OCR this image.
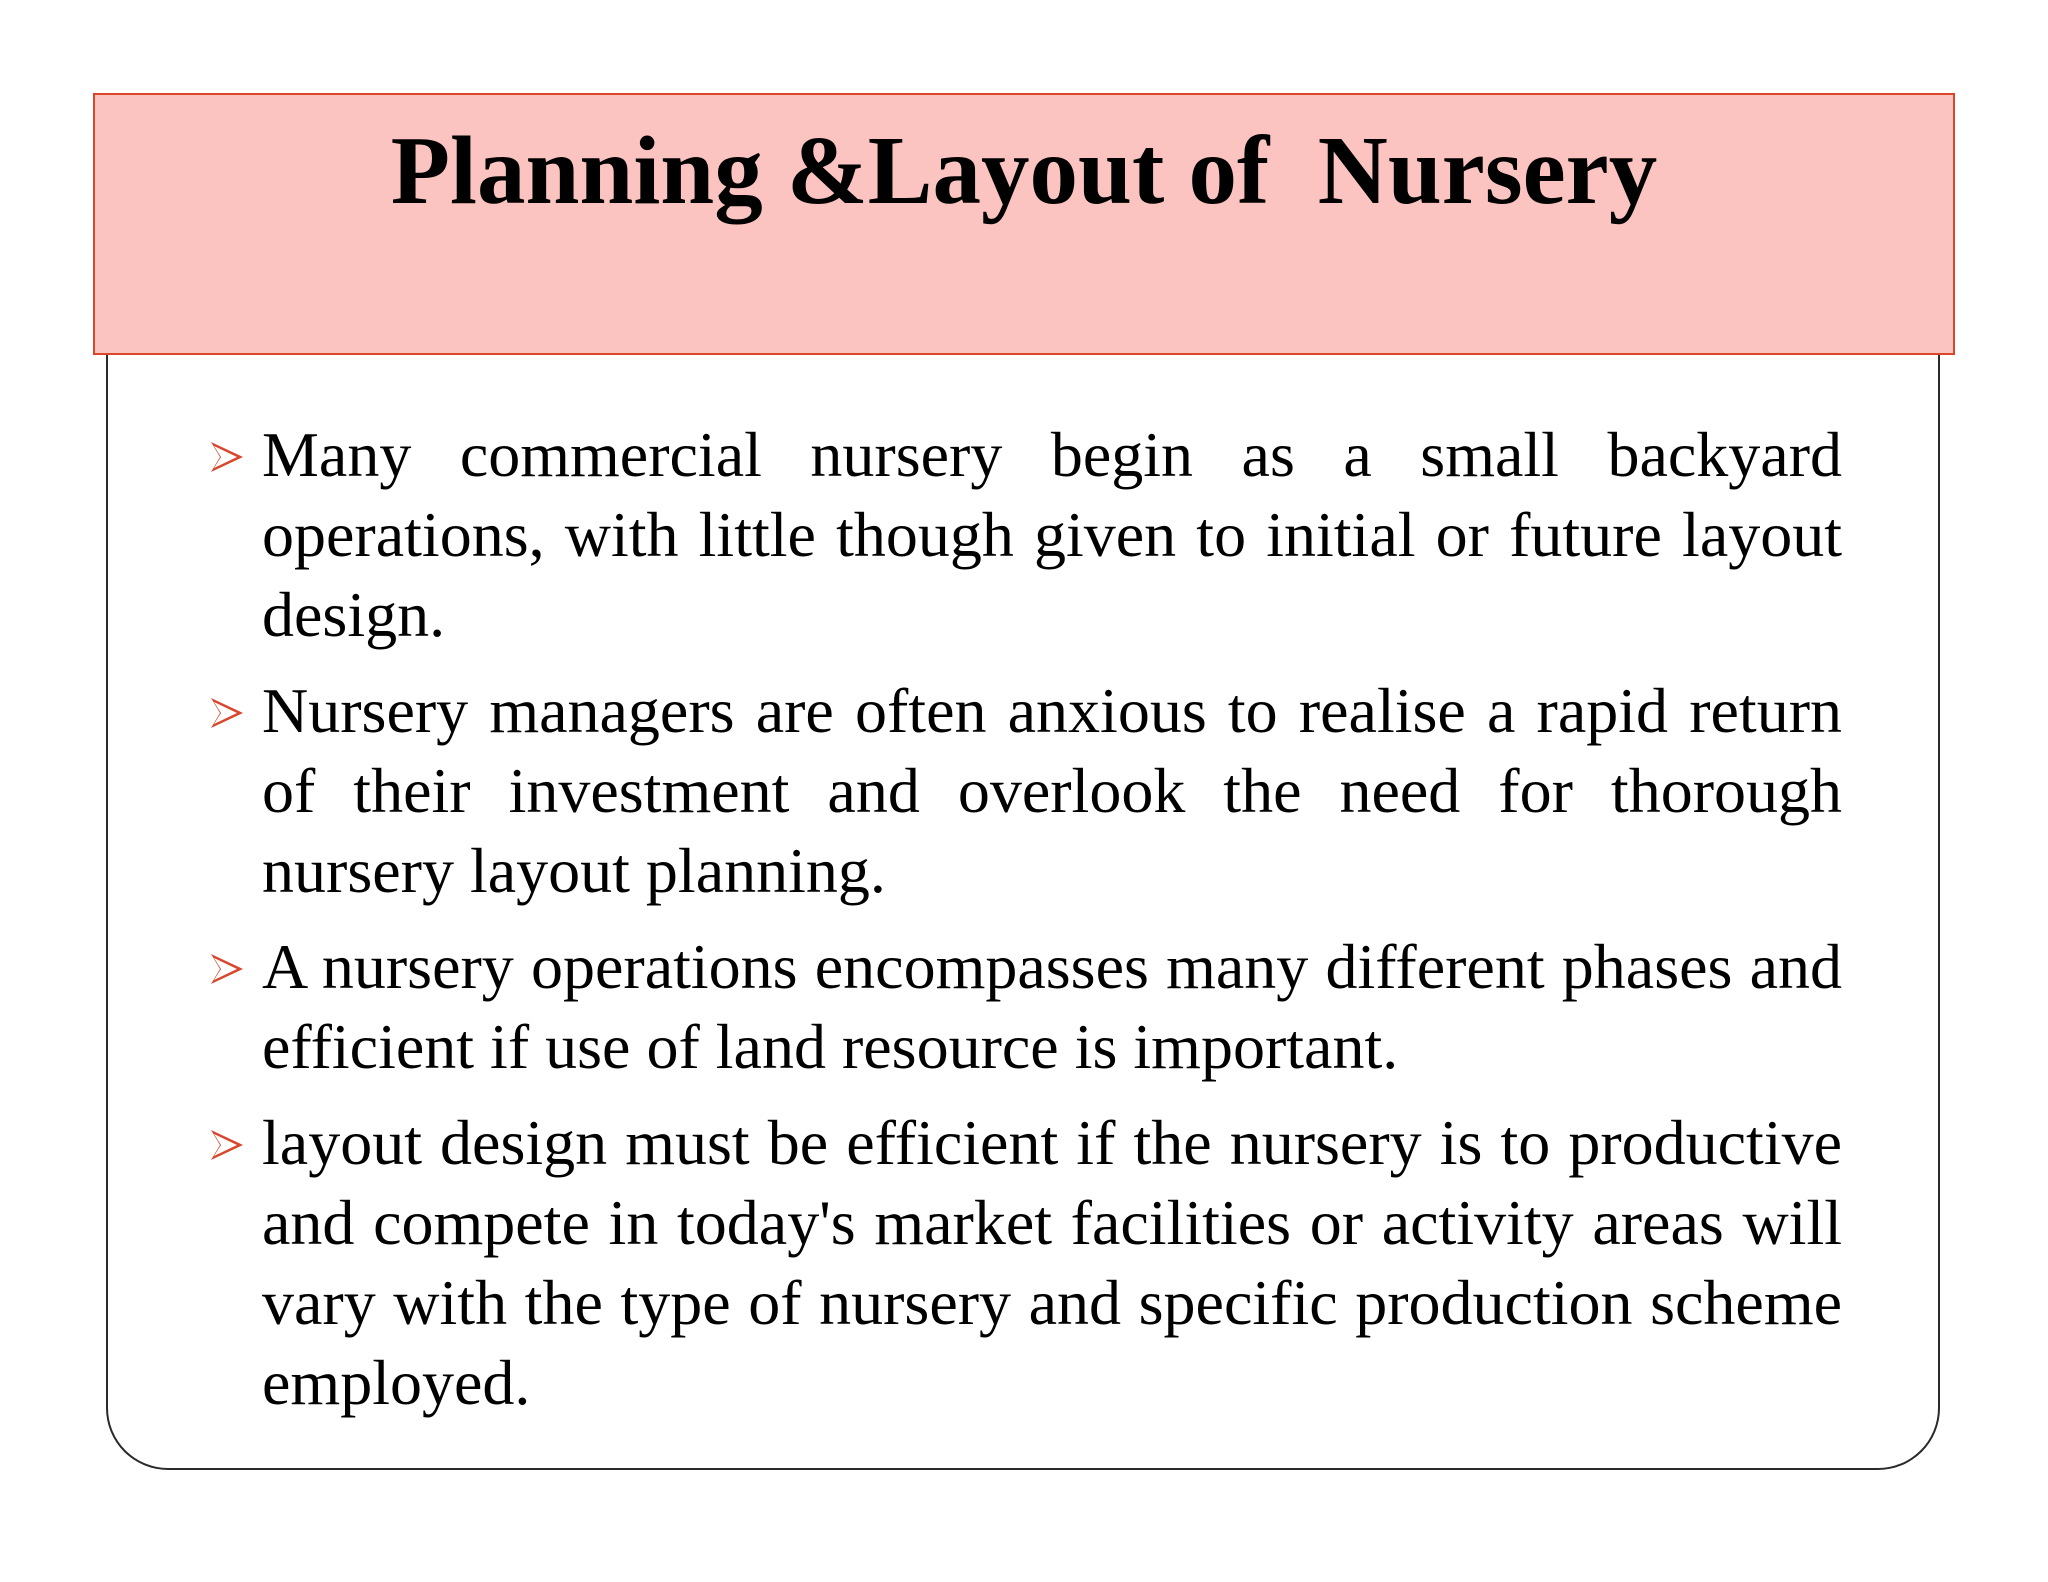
Planning &Layout of  Nursery
Many commercial nursery begin as a small backyard operations, with little though given to initial or future layout design.
Nursery managers are often anxious to realise a rapid return of their investment and overlook the need for thorough nursery layout planning.
A nursery operations encompasses many different phases and efficient if use of land resource is important.
layout design must be efficient if the nursery is to productive and compete in today's market facilities or activity areas will vary with the type of nursery and specific production scheme employed.
